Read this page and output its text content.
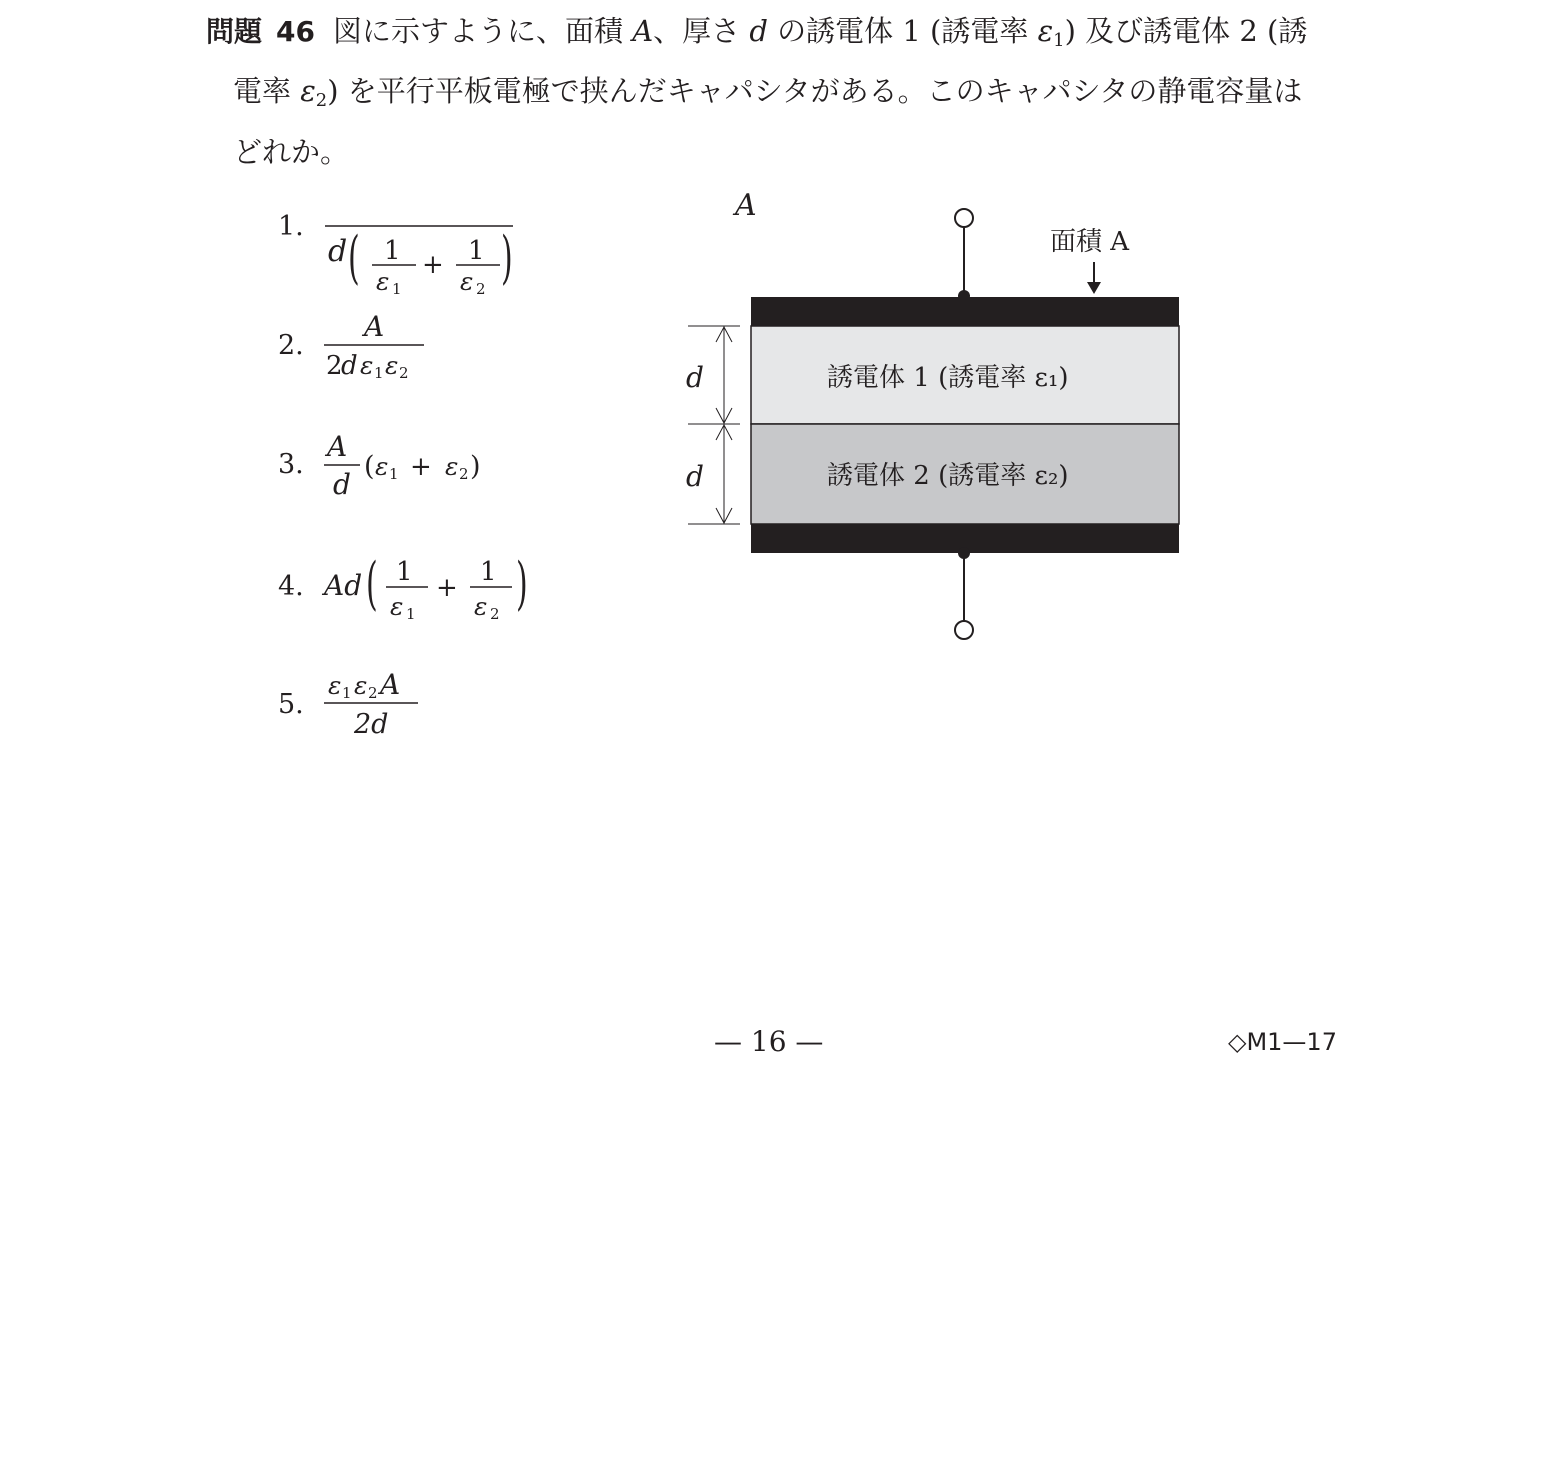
問題 46 図に示すように、面積 A、厚さ d の誘電体 1 (誘電率 $\varepsilon_1$) 及び誘電体 2 (誘
電率 $\varepsilon_2$) を平行平板電極で挟んだキャパシタがある。このキャパシタの静電容量は
どれか。
1.
2.
3.
4.
5.
A
d ( 1
ε 1
+ 1
ε 2 )
A
2
d ε 1 ε 2
A
d
( ε 1 + ε 2 )
Ad ( 1
ε 1
+
1
ε 2 )
ε 1 ε 2 A
2d
面積 A
誘電体 1 (誘電率 ε₁)
誘電体 2 (誘電率 ε₂)
d
d
— 16 —	◇M1—17
